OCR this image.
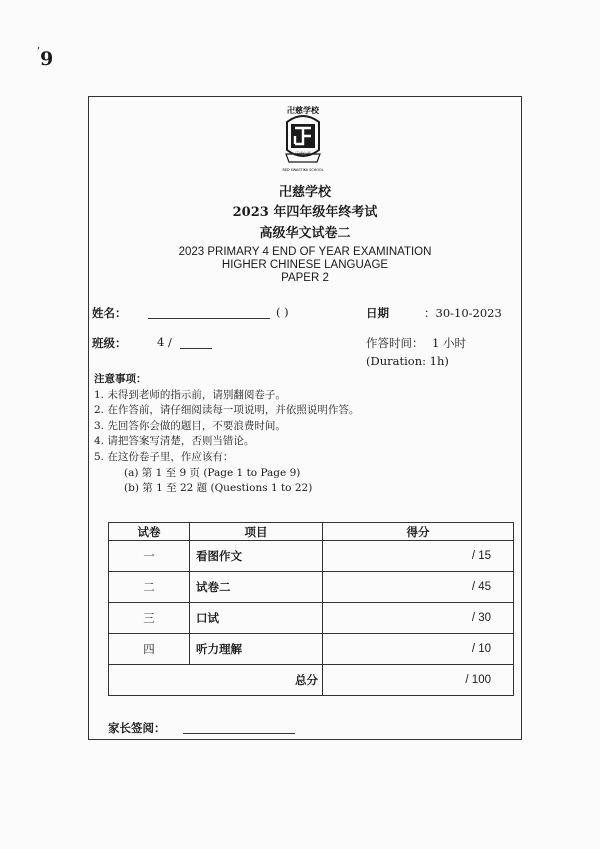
,
9
卍慈学校
乐道仁爱
RED SWASTIKA SCHOOL
卍慈学校
2023 年四年级年终考试
高级华文试卷二
2023 PRIMARY 4 END OF YEAR EXAMINATION
HIGHER CHINESE LANGUAGE
PAPER 2
姓名：	( )	日期	：30-10-2023
班级：	4 /	作答时间： 1 小时
(Duration: 1h)
注意事项：
1. 未得到老师的指示前，请别翻阅卷子。
2. 在作答前，请仔细阅读每一项说明，并依照说明作答。
3. 先回答你会做的题目，不要浪费时间。
4. 请把答案写清楚，否则当错论。
5. 在这份卷子里，作应该有：
(a) 第 1 至 9 页 (Page 1 to Page 9)
(b) 第 1 至 22 题 (Questions 1 to 22)
试卷	项目	得分
一	看图作文	/ 15
二	试卷二	/ 45
三	口试	/ 30
四	听力理解	/ 10
总分		/ 100
家长签阅：
